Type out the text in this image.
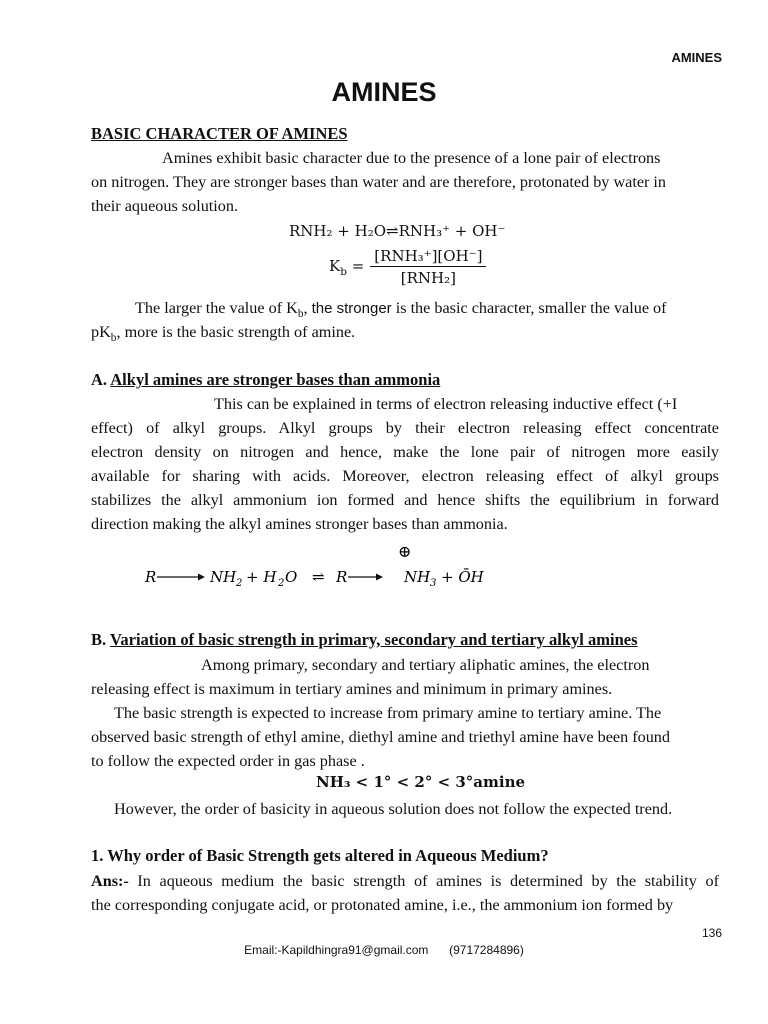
AMINES
AMINES
BASIC CHARACTER OF AMINES
Amines exhibit basic character due to the presence of a lone pair of electrons
on nitrogen. They are stronger bases than water and are therefore, protonated by water in
their aqueous solution.
RNH₂ + H₂O⇌RNH₃⁺ + OH⁻
$K_b = \frac{\text{[RNH₃⁺][OH⁻]}}{\text{[RNH₂]}}$
The larger the value of $K_b$, the stronger is the basic character, smaller the value of
$pK_b$, more is the basic strength of amine.
A. Alkyl amines are stronger bases than ammonia
This can be explained in terms of electron releasing inductive effect (+I
effect) of alkyl groups. Alkyl groups by their electron releasing effect concentrate
electron density on nitrogen and hence, make the lone pair of nitrogen more easily
available for sharing with acids. Moreover, electron releasing effect of alkyl groups
stabilizes the alkyl ammonium ion formed and hence shifts the equilibrium in forward
direction making the alkyl amines stronger bases than ammonia.
⊕
R	NH 2 + H 2 O ⇌ R	NH 3 + ŌH
B. Variation of basic strength in primary, secondary and tertiary alkyl amines
Among primary, secondary and tertiary aliphatic amines, the electron
releasing effect is maximum in tertiary amines and minimum in primary amines.
The basic strength is expected to increase from primary amine to tertiary amine. The
observed basic strength of ethyl amine, diethyl amine and triethyl amine have been found
to follow the expected order in gas phase .
NH₃ < 1° < 2° < 3°amine
However, the order of basicity in aqueous solution does not follow the expected trend.
1. Why order of Basic Strength gets altered in Aqueous Medium?
Ans:- In aqueous medium the basic strength of amines is determined by the stability of
the corresponding conjugate acid, or protonated amine, i.e., the ammonium ion formed by
136
Email:-Kapildhingra91@gmail.com (9717284896)
